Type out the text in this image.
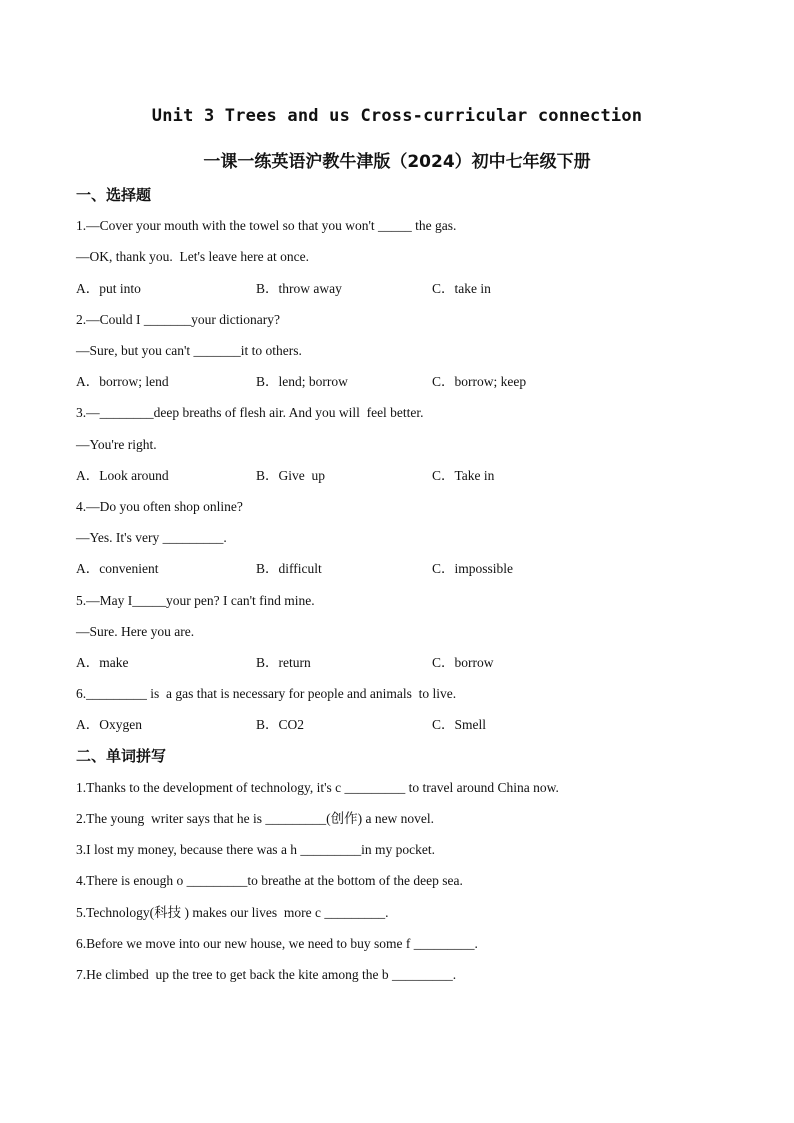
Unit 3 Trees and us Cross-curricular connection
一课一练英语沪教牛津版（2024）初中七年级下册
一、选择题
1.—Cover your mouth with the towel so that you won't _____ the gas.
—OK, thank you.  Let's leave here at once.
A．put into	B．throw away	C．take in
2.—Could I _______your dictionary?
—Sure, but you can't _______it to others.
A．borrow; lend	B．lend; borrow	C．borrow; keep
3.—________deep breaths of flesh air. And you will  feel better.
—You're right.
A．Look around	B．Give  up	C．Take in
4.—Do you often shop online?
—Yes. It's very _________.
A．convenient	B．difficult	C．impossible
5.—May I_____your pen? I can't find mine.
—Sure. Here you are.
A．make	B．return	C．borrow
6._________ is  a gas that is necessary for people and animals  to live.
A．Oxygen	B．CO2	C．Smell
二、单词拼写
1.Thanks to the development of technology, it's c _________ to travel around China now.
2.The young  writer says that he is _________(创作) a new novel.
3.I lost my money, because there was a h _________in my pocket.
4.There is enough o _________to breathe at the bottom of the deep sea.
5.Technology(科技 ) makes our lives  more c _________.
6.Before we move into our new house, we need to buy some f _________.
7.He climbed  up the tree to get back the kite among the b _________.
